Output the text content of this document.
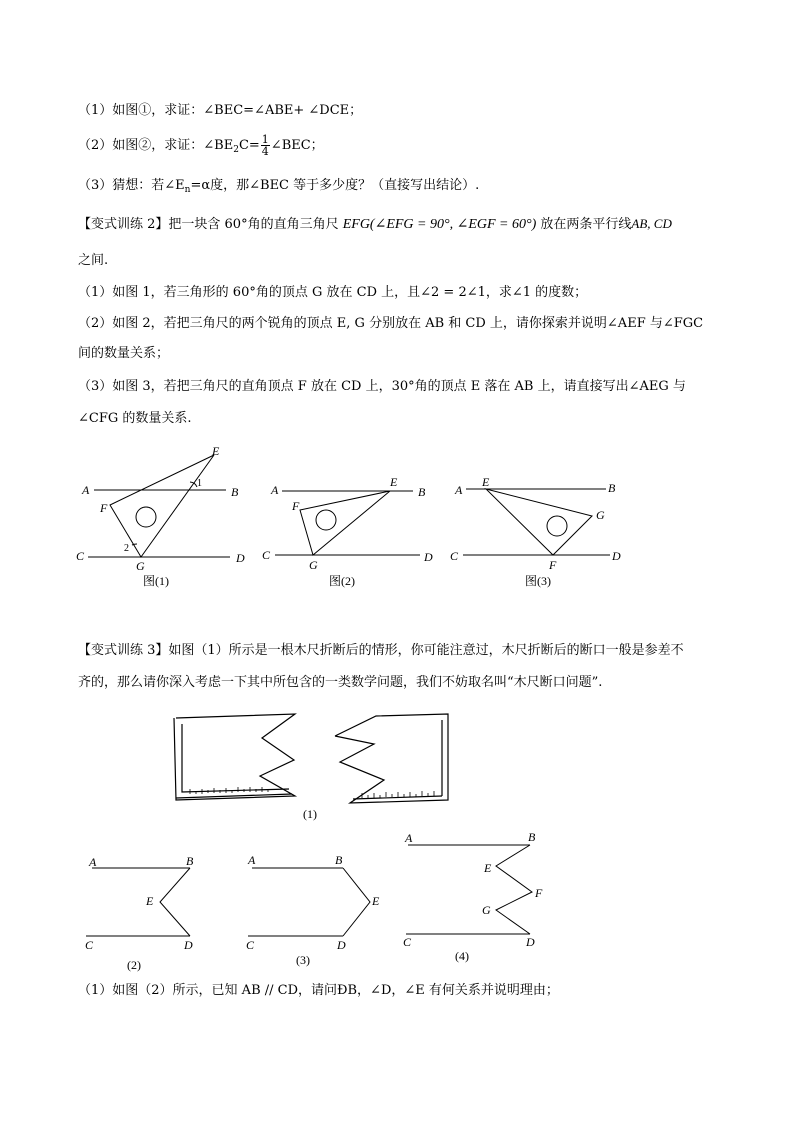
（1）如图①，求证：∠BEC=∠ABE+ ∠DCE；
（2）如图②，求证：$\angle BE_2C= \frac{1}{4}$ ∠BEC；
（3）猜想：若$\angle E_n=\alpha$度，那∠BEC 等于多少度？（直接写出结论）.
【变式训练 2】把一块含 60°角的直角三角尺 EFG(∠EFG = 90°, ∠EGF = 60°) 放在两条平行线AB, CD
之间.
（1）如图 1，若三角形的 60°角的顶点 G 放在 CD 上，且∠2 = 2∠1，求∠1 的度数；
（2）如图 2，若把三角尺的两个锐角的顶点 E, G 分别放在 AB 和 CD 上，请你探索并说明∠AEF 与∠FGC
间的数量关系；
（3）如图 3，若把三角尺的直角顶点 F 放在 CD 上，30°角的顶点 E 落在 AB 上，请直接写出∠AEG 与
∠CFG 的数量关系.
E
A	B
F
C	D
G
1
2
A
E
B
F
C
G
D
A
E	B
G
C
F
D
图(1)	图(2)	图(3)
【变式训练 3】如图（1）所示是一根木尺折断后的情形，你可能注意过，木尺折断后的断口一般是参差不
齐的，那么请你深入考虑一下其中所包含的一类数学问题，我们不妨取名叫“木尺断口问题”.
(1)
A	B
E
C	D
A	B
E
C	D
A	B
E
F
G
C	D
(2)	(3)	(4)
（1）如图（2）所示，已知 AB // CD，请问ÐB，∠D，∠E 有何关系并说明理由；
